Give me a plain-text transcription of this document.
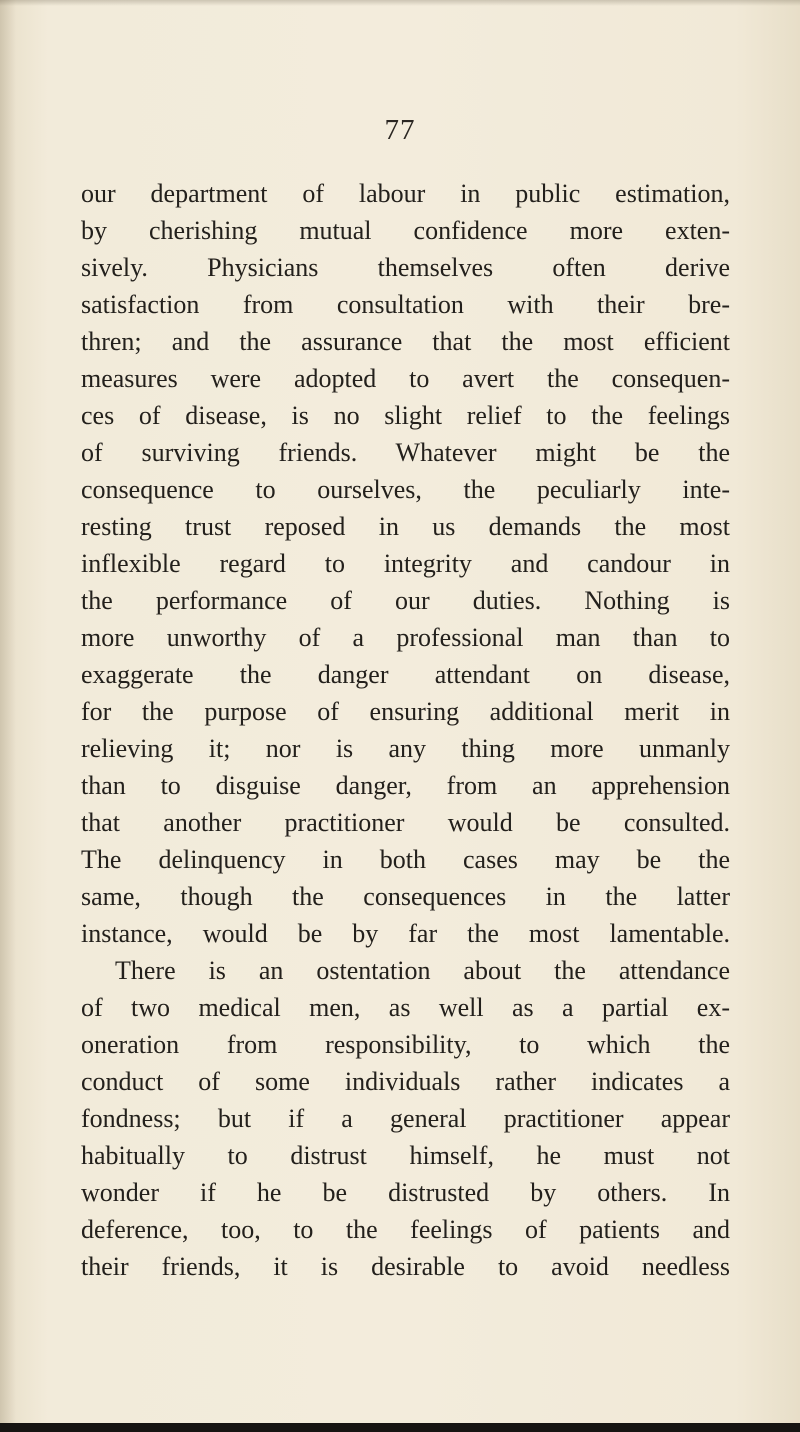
77
our department of labour in public estimation,
by cherishing mutual confidence more exten-
sively. Physicians themselves often derive
satisfaction from consultation with their bre-
thren; and the assurance that the most efficient
measures were adopted to avert the consequen-
ces of disease, is no slight relief to the feelings
of surviving friends. Whatever might be the
consequence to ourselves, the peculiarly inte-
resting trust reposed in us demands the most
inflexible regard to integrity and candour in
the performance of our duties. Nothing is
more unworthy of a professional man than to
exaggerate the danger attendant on disease,
for the purpose of ensuring additional merit in
relieving it; nor is any thing more unmanly
than to disguise danger, from an apprehension
that another practitioner would be consulted.
The delinquency in both cases may be the
same, though the consequences in the latter
instance, would be by far the most lamentable.
There is an ostentation about the attendance
of two medical men, as well as a partial ex-
oneration from responsibility, to which the
conduct of some individuals rather indicates a
fondness; but if a general practitioner appear
habitually to distrust himself, he must not
wonder if he be distrusted by others. In
deference, too, to the feelings of patients and
their friends, it is desirable to avoid needless
